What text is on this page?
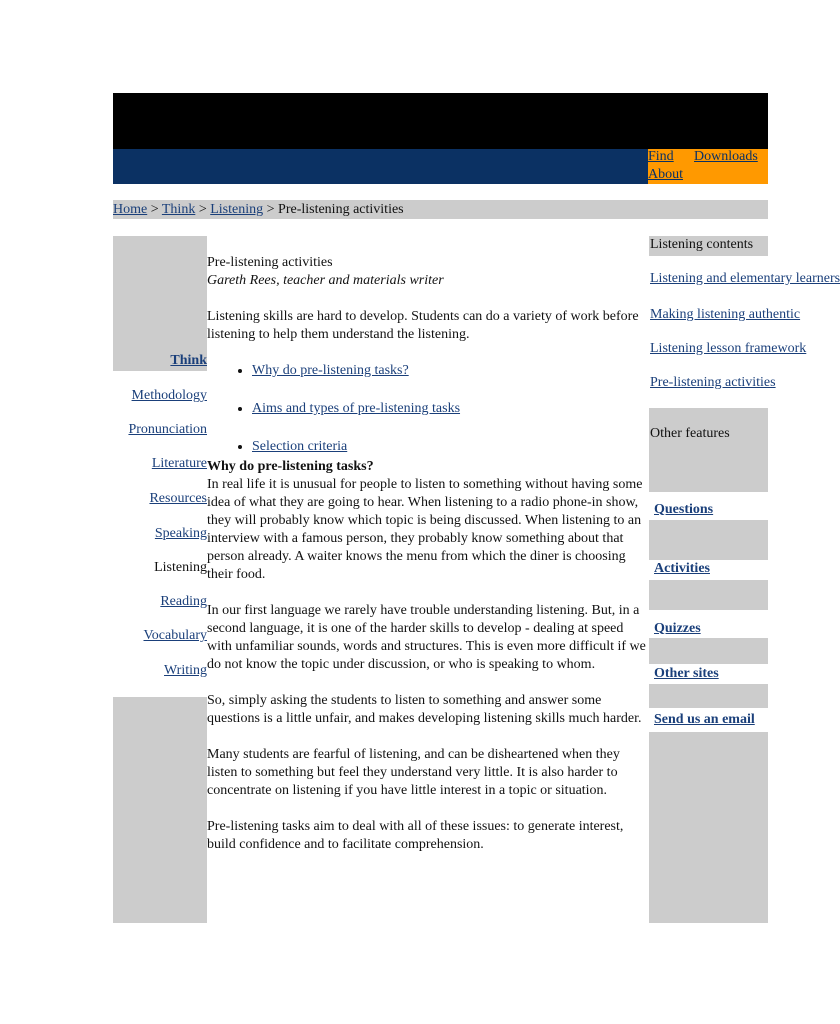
Find Downloads
About
Home > Think > Listening > Pre-listening activities
Think
Methodology
Pronunciation
Literature
Resources
Speaking
Listening
Reading
Vocabulary
Writing

Pre-listening activities

Gareth Rees, teacher and materials writer

Listening skills are hard to develop. Students can do a variety of work before listening to help them understand the listening.

• Why do pre-listening tasks?
• Aims and types of pre-listening tasks
• Selection criteria

Why do pre-listening tasks?

In real life it is unusual for people to listen to something without having some idea of what they are going to hear. When listening to a radio phone-in show, they will probably know which topic is being discussed. When listening to an interview with a famous person, they probably know something about that person already. A waiter knows the menu from which the diner is choosing their food.

In our first language we rarely have trouble understanding listening. But, in a second language, it is one of the harder skills to develop - dealing at speed with unfamiliar sounds, words and structures. This is even more difficult if we do not know the topic under discussion, or who is speaking to whom.

So, simply asking the students to listen to something and answer some questions is a little unfair, and makes developing listening skills much harder.

Many students are fearful of listening, and can be disheartened when they listen to something but feel they understand very little. It is also harder to concentrate on listening if you have little interest in a topic or situation.

Pre-listening tasks aim to deal with all of these issues: to generate interest, build confidence and to facilitate comprehension.

Listening contents
Listening and elementary learners
Making listening authentic
Listening lesson framework
Pre-listening activities
Other features
Questions
Activities
Quizzes
Other sites
Send us an email
